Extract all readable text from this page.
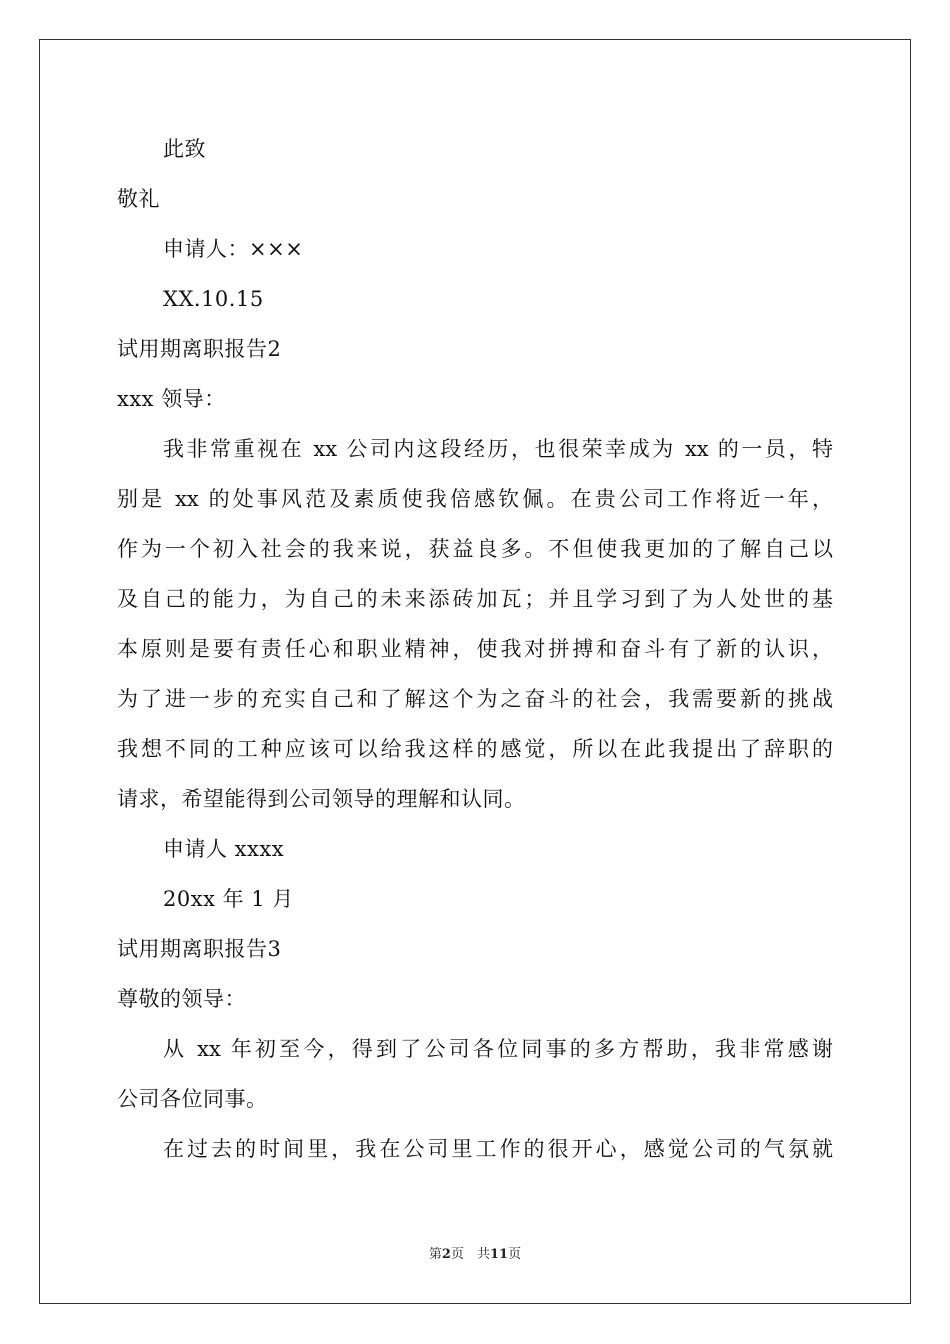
此致
敬礼
申请人：×××
XX.10.15
试用期离职报告2
xxx 领导：
我非常重视在 xx 公司内这段经历，也很荣幸成为 xx 的一员，特
别是 xx 的处事风范及素质使我倍感钦佩。在贵公司工作将近一年，
作为一个初入社会的我来说，获益良多。不但使我更加的了解自己以
及自己的能力，为自己的未来添砖加瓦；并且学习到了为人处世的基
本原则是要有责任心和职业精神，使我对拼搏和奋斗有了新的认识，
为了进一步的充实自己和了解这个为之奋斗的社会，我需要新的挑战
我想不同的工种应该可以给我这样的感觉，所以在此我提出了辞职的
请求，希望能得到公司领导的理解和认同。
申请人 xxxx
20xx 年 1 月
试用期离职报告3
尊敬的领导：
从 xx 年初至今，得到了公司各位同事的多方帮助，我非常感谢
公司各位同事。
在过去的时间里，我在公司里工作的很开心，感觉公司的气氛就
第2页　共11页
